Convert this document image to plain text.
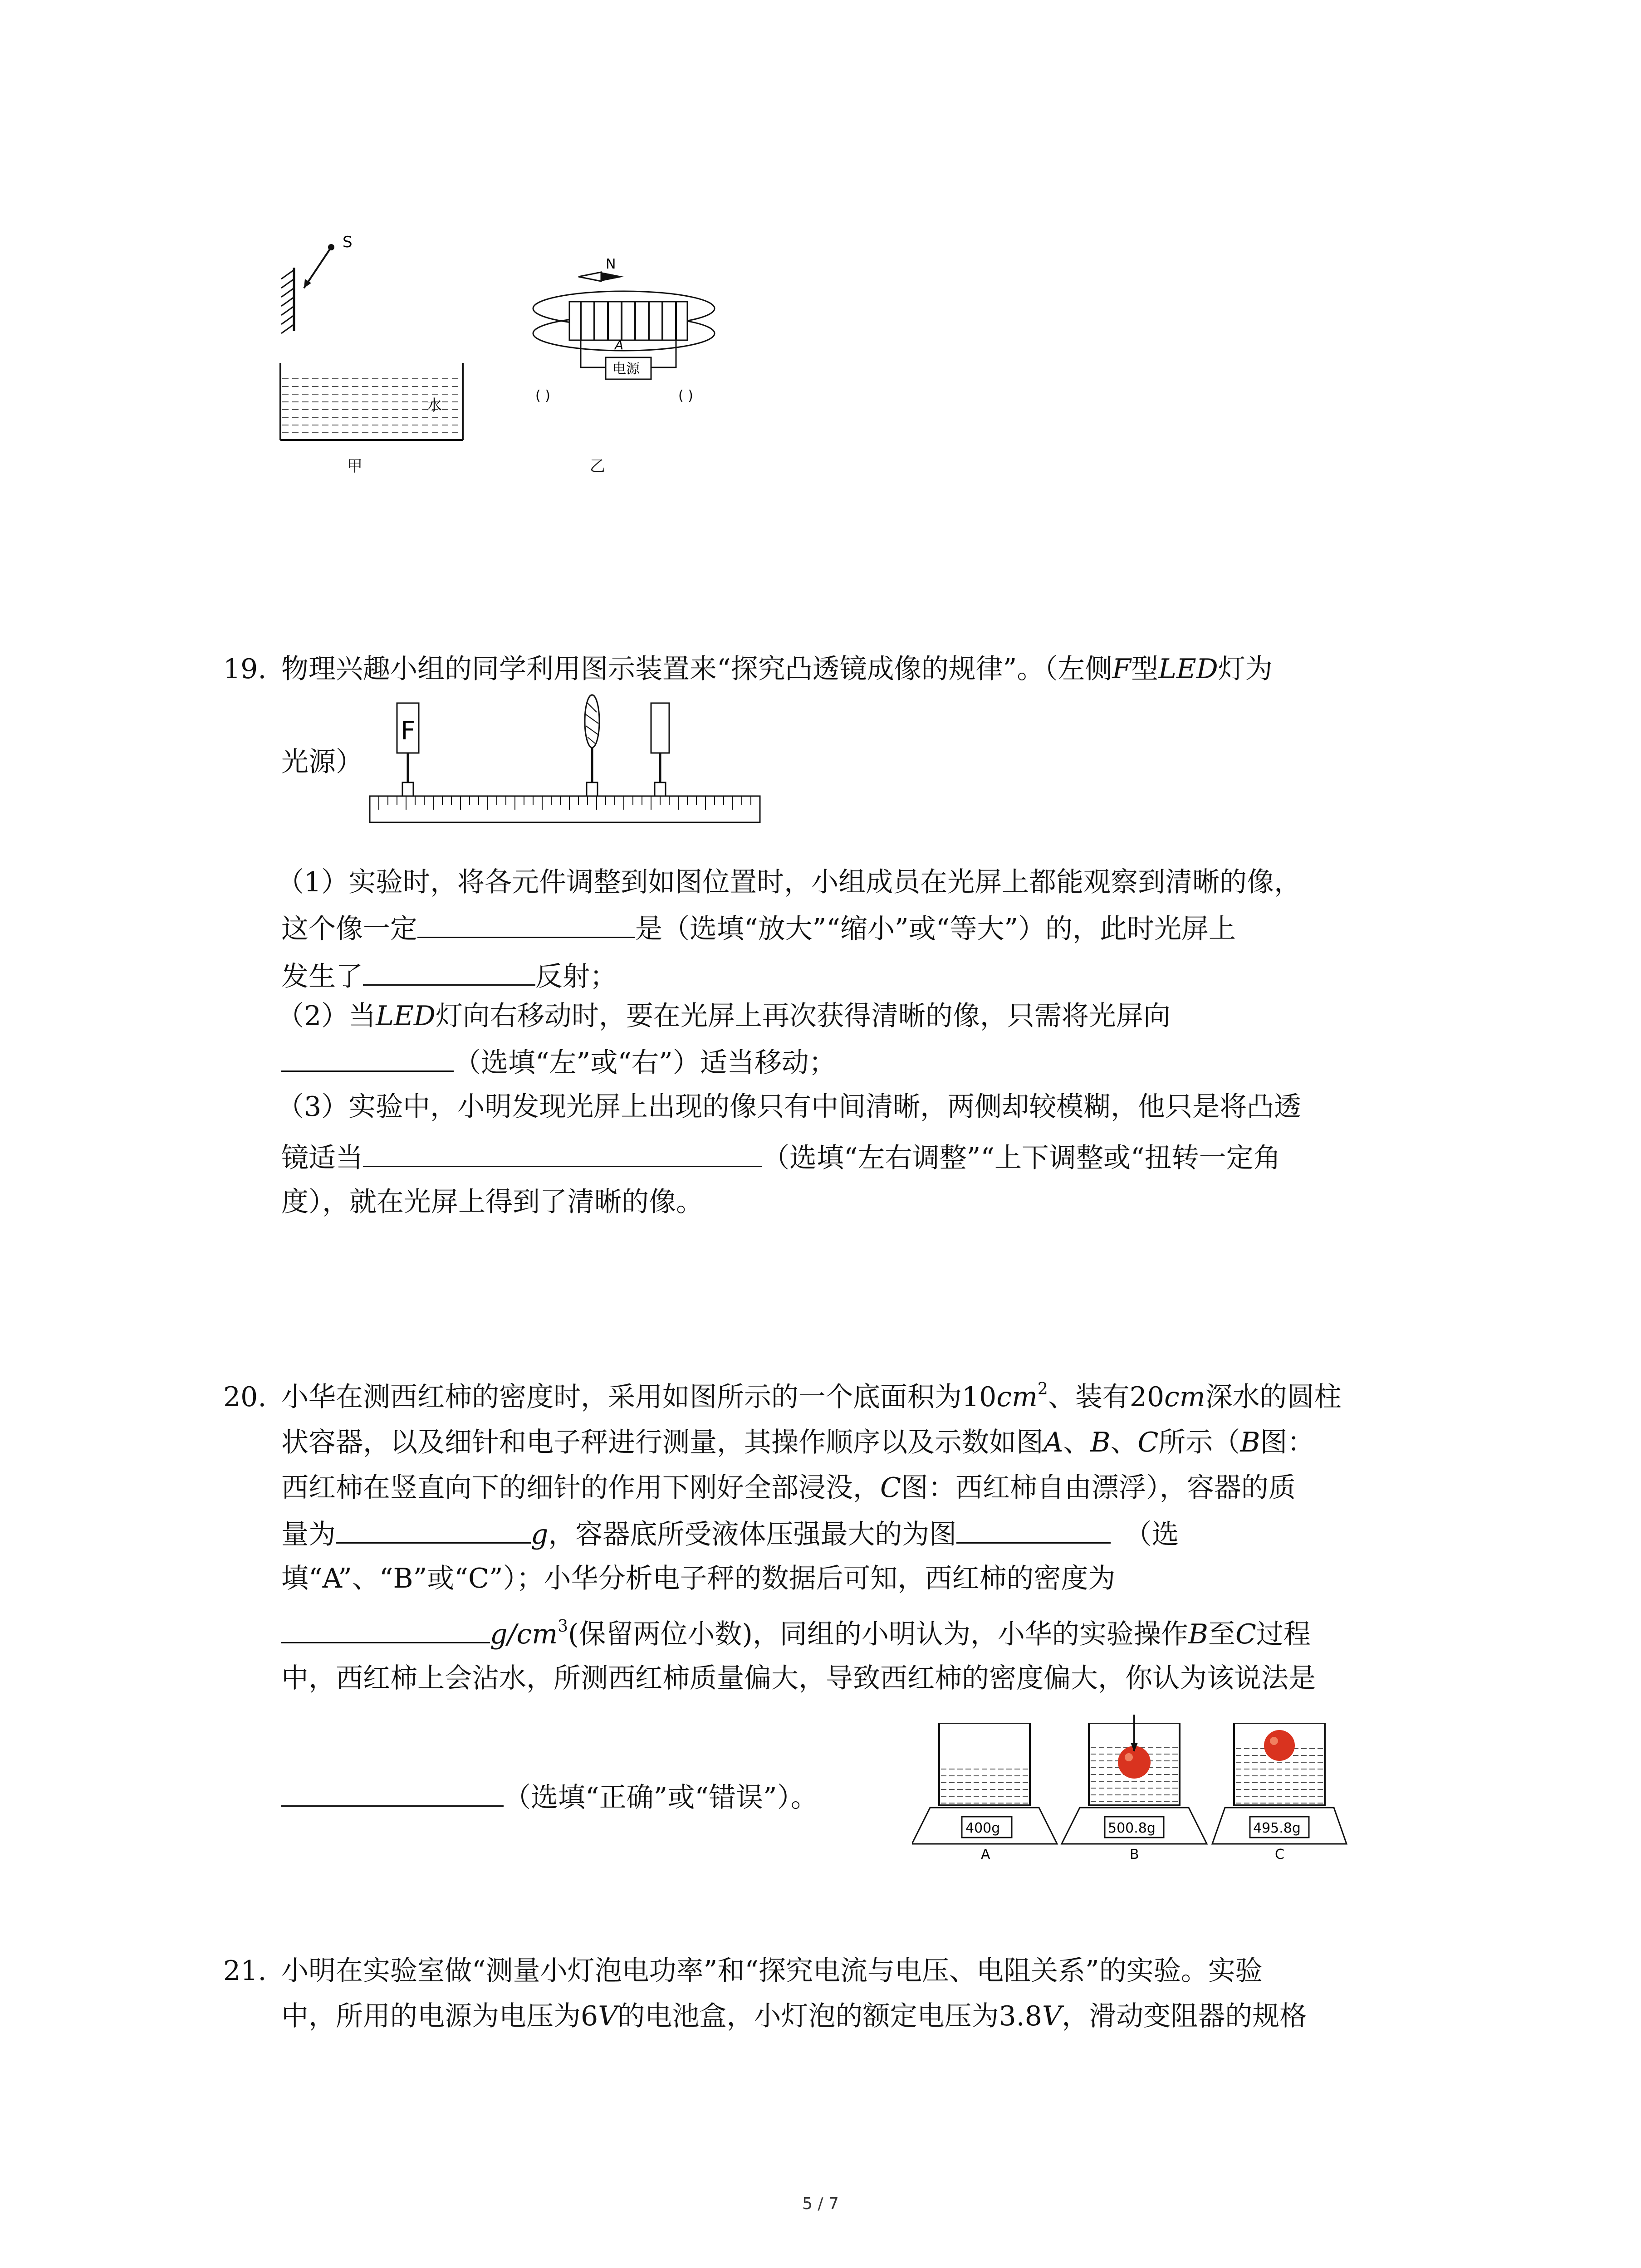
S
水
甲
N
A
电源
( )	( )
乙
19. 物理兴趣小组的同学利用图示装置来“探究凸透镜成像的规律”。（左侧F型LED灯为
光源）
F
（1）实验时，将各元件调整到如图位置时，小组成员在光屏上都能观察到清晰的像，
这个像一定	是（选填“放大”“缩小”或“等大”）的，此时光屏上
发生了	反射；
（2）当LED灯向右移动时，要在光屏上再次获得清晰的像，只需将光屏向
（选填“左”或“右”）适当移动；
（3）实验中，小明发现光屏上出现的像只有中间清晰，两侧却较模糊，他只是将凸透
镜适当	（选填“左右调整”“上下调整或“扭转一定角
度），就在光屏上得到了清晰的像。
20. 小华在测西红柿的密度时，采用如图所示的一个底面积为$10cm^2$、装有20cm深水的圆柱
状容器，以及细针和电子秤进行测量，其操作顺序以及示数如图A、B、C所示（B图：
西红柿在竖直向下的细针的作用下刚好全部浸没，C图：西红柿自由漂浮），容器的质
量为	g，容器底所受液体压强最大的为图	（选
填“A”、“B”或“C”）；小华分析电子秤的数据后可知，西红柿的密度为
$g/cm^3$(保留两位小数)，同组的小明认为，小华的实验操作B至C过程
中，西红柿上会沾水，所测西红柿质量偏大，导致西红柿的密度偏大，你认为该说法是
（选填“正确”或“错误”）。
400g
A
500.8g
B
495.8g
C
21. 小明在实验室做“测量小灯泡电功率”和“探究电流与电压、电阻关系”的实验。实验
中，所用的电源为电压为6V的电池盒，小灯泡的额定电压为3.8V，滑动变阻器的规格
5 / 7
